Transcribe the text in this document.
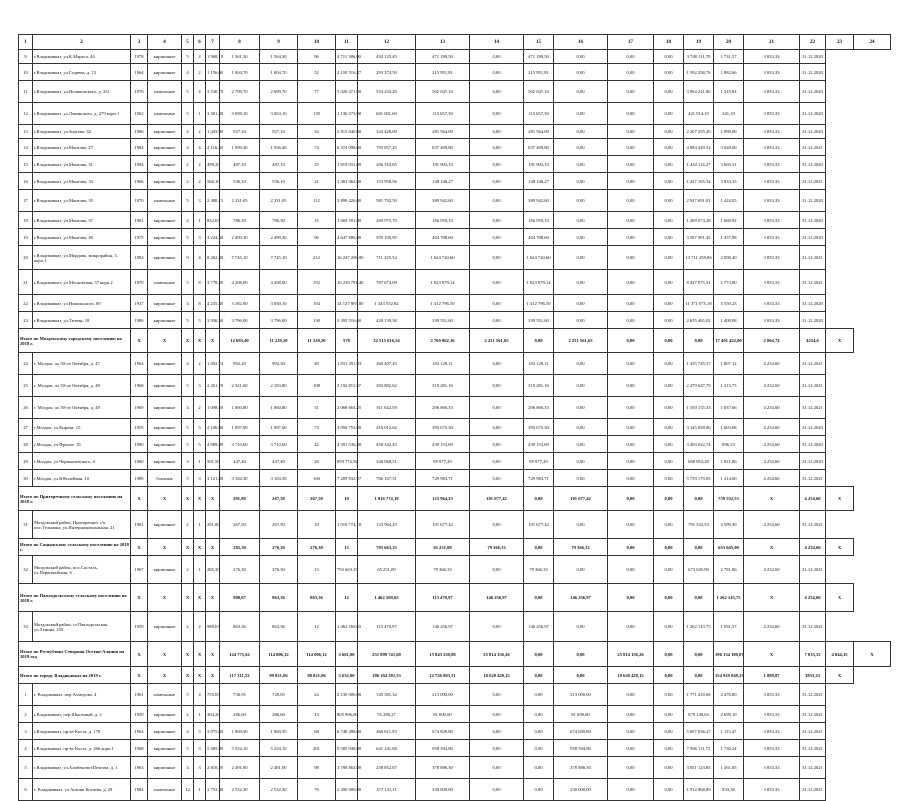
1	2	3	4	5	6	7	8	9	10	11	12	13	14	15	16	17	18	19	20	21	22	23	24
9	г.Владикавказ, ул.К.Маркса, 44	1978	кирпичные	5	4	1 968,10	1 561,30	1 564,30	96	4 711 386,00	492 125,45	471 180,50	0,00	471 180,50	0,00	0,00	0,00	3 748 111,70	1 731,57	3 833,33	31.12.2020		
10	г.Владикавказ, ул.Гадиева, д. 72	1964	кирпичные	4	2	1 156,00	1 004,70	1 004,70	52	2 159 516,87	293 374,59	215 951,81	0,00	215 951,81	0,00	0,00	0,00	1 592 258,76	1 882,66	3 833,33	31.12.2020		
11	г.Владикавказ, ул.Ноликовского, д. 251	1976	панельные	5	4	3 530,70	2 709,70	2 699,70	77	5 020 471,00	554 233,20	502 047,10	0,00	502 047,10	0,00	0,00	0,00	3 964 241,80	1 319,84	3 833,33	31.12.2020		
12	г.Владикавказ, ул.Ленинского, д. 279 корп.1	1962	панельные	5	1	3 301,30	3 098,10	3 063,10	139	1 136 573,00	601 001,60	113 657,30	0,00	113 657,30	0,00	0,00	0,00	421 914,10	341,10	3 833,33	31.12.2020		
13	г.Владикавказ, ул.Зортова, 62	1986	кирпичные	2	2	1 443,90	927,10	927,10	32	2 815 640,00	324 428,00	281 564,00	0,00	281 564,00	0,00	0,00	0,00	2 207 255,20	1 098,00	3 833,33	31.12.2020		
14	г.Владикавказ, ул.Монтова, 27	1984	кирпичные	4	4	2 116,40	1 999,40	1 936,40	74	6 374 098,00	793 857,25	637 409,80	0,00	637 409,80	0,00	0,00	0,00	4 983 429,52	3 028,60	3 833,33	31.12.2021		
15	г.Владикавказ, ул.Монтова, 31	1984	кирпичные	2	2	498,20	487,10	487,10	25	1 819 031,00	206 310,65	181 903,10	0,00	181 903,10	0,00	0,00	0,00	1 434 114,27	3 669,31	3 833,33	31.12.2020		
16	г.Владикавказ, ул.Монтова, 33	1906	кирпичные	2	2	566,10	536,10	536,10	21	1 481 462,00	153 958,56	148 146,27	0,00	148 146,27	0,00	0,00	0,00	1 427 165,34	3 833,33	3 833,33	31.12.2021		
17	г.Владикавказ, ул.Монтова, 35	1970	панельные	5	3	2 480,15	2 331,05	2 331,05	112	3 899 426,00	581 792,59	389 942,60	0,00	389 942,60	0,00	0,00	0,00	2 927 691,81	1 424,05	3 833,33	31.12.2020		
18	г.Владикавказ, ул.Монтова, 37	1961	кирпичные	4	1	832,63	786,30	786,30	15	1 669 591,00	269 975,70	166 959,10	0,00	166 959,10	0,00	0,00	0,00	1 269 074,28	1 668,92	3 833,33	31.12.2020		
19	г.Владикавказ, ул.Монтова, 40	1975	кирпичные	5	3	3 224,30	2 499,30	2 499,30	96	4 647 886,00	595 105,95	464 788,60	0,00	464 788,60	0,00	0,00	0,00	3 587 991,45	1 457,98	3 833,33	31.12.2020		
20	г.Владикавказ, ул.Мордова, микрорайон, 5, корп.1	1983	кирпичные	9	4	8 262,30	7 745,10	7 745,10	212	16 247 206,00	711 225,54	1 624 720,60	0,00	1 624 720,60	0,00	0,00	0,00	13 711 259,86	2 098,40	3 833,33	31.12.2021		
21	г.Владикавказ, ул.Московская, 37 корп.2	1970	панельные	5	8	3 778,20	4 208,00	4 208,00	192	10 239 791,40	787 674,09	1 023 979,14	0,00	1 023 979,14	0,00	0,00	0,00	8 427 875,31	1 773,80	3 833,33	31.12.2021		
22	г.Владикавказ, ул.Никольского, 89	1937	кирпичные	4	8	4 235,40	3 182,90	3 030,10	194	14 127 965,00	1 343 552,82	1 412 796,50	0,00	1 412 796,50	0,00	0,00	0,00	11 371 075,18	3 559,23	3 833,33	31.12.2020		
23	г.Владикавказ, ул.Титова, 18	1986	кирпичные	5	5	3 936,50	3 796,00	3 796,00	130	3 395 516,00	420 139,38	339 551,60	0,00	339 551,60	0,00	0,00	0,00	2 635 465,02	1 408,08	3 833,33	31.12.2020		
Итого по Моздокскому городскому поселению на 2018 г.		X	X	X	X	X	12 693,40	11 229,20	11 229,20	578	22 515 616,54	2 769 062,16	2 251 561,65	0,00	2 251 561,65	0,00	0,00	0,00	17 491 422,00	2 004,74	4254,6	X	
24	г. Моздок, ал 50-ое Октября, д. 47	1964	кирпичные	4	2	1 002,74	992,20	992,30	49	1 831 291,83	266 407,45	183 129,11	0,00	183 129,11	0,00	0,00	0,00	1 355 745,57	1 807,12	4 254,60	31.12.2021		
25	г. Моздок, ал 50-ое Октября, д. 48	1968	кирпичные	5	3	2 451,70	2 321,60	2 183,80	108	3 192 811,57	393 882,62	319 281,16	0,00	319 281,16	0,00	0,00	0,00	2 479 647,79	1 313,75	4 254,60	31.12.2021		
26	г. Моздок, ал 50-ое Октября, д. 49	1969	кирпичные	4	2	1 098,50	1 060,80	1 060,80	51	2 068 663,25	311 642,59	206 866,33	0,00	206 866,33	0,00	0,00	0,00	1 550 155,33	1 837,66	4 254,60	31.12.2021		
27	г.Моздок, ул.Кирова, 15	1955	кирпичные	5	5	2 106,80	1 997,00	1 997,00	73	3 956 753,00	416 012,62	395 675,30	0,00	395 675,30	0,00	0,00	0,00	3 145 058,06	1 603,68	4 254,60	31.12.2020		
28	г.Моздок, ул.Фрунзе, 10	1980	кирпичные	5	5	4 089,89	3 710,60	3 710,60	42	4 391 536,88	458 342,45	439 153,69	0,00	439 153,69	0,00	0,00	0,00	3 494 022,74	896,23	4 254,60	31.12.2020		
29	г.Моздок, ул.Чернышевского, 4	1960	кирпичные	3	1	501,50	447,40	447,40	28	859 772,92	346 068,51	85 977,29	0,00	85 977,29	0,00	0,00	0,00	668 853,28	1 921,86	4 254,60	31.12.2020		
30	г.Моздок, ул.Юбилейная, 10	1989	блочные	5	3	3 121,80	3 184,30	3 184,30	160	7 289 832,97	766 167,51	729 983,71	0,00	729 983,71	0,00	0,00	0,00	5 759 179,83	1 414,60	4 254,60	31.12.2021		
Итого по Притеречному сельскому поселению на 2018 г.		X	X	X	X	X	291,80	267,50	267,50	10	1 016 774,18	123 964,23	101 677,42	0,00	101 677,42	0,00	0,00	0,00	759 532,53	X	4 254,60	X	
31	Моздокский район, Притеречное с/п, пос.Тельмана, ул.Интернациональная, 21	1961	кирпичные	2	1	291,80	267,50	267,50	10	1 016 774,18	123 964,23	101 677,42	0,00	101 677,42	0,00	0,00	0,00	791 532,53	2 599,30	4 254,60	31.12.2021		
Итого по Сацынскому сельскому поселению на 2018 г.		X	X	X	X	X	285,30	276,30	276,30	13	793 663,33	65 251,09	79 366,33	0,00	79 366,33	0,00	0,00	0,00	653 045,90	X	4 254,60	X	
32	Моздокский район, пос.Састаль, ул.Первомайская, 6	1967	кирпичные	2	1	285,30	276,30	276,30	13	793 663,33	65 251,09	79 366,33	0,00	79 366,33	0,00	0,00	0,00	673 045,90	2 781,86	4 254,60	31.12.2021		
Итого по Павлодольскому сельскому поселению на 2018 г.		X	X	X	X	X	980,67	863,36	863,36	12	1 462 569,65	113 470,97	146 256,97	0,00	146 256,97	0,00	0,00	0,00	1 262 143,75	X	4 254,60	X	
33	Моздокский район, ст.Павлодольская, ул.Ленина, 250	1959	кирпичные	2	2	980,67	863,36	863,36	12	1 462 569,65	113 470,97	146 256,97	0,00	146 256,97	0,00	0,00	0,00	1 262 143,75	1 591,57	4 254,60	31.12.2021		
Итого по Республике Северная Осетия-Алания на 2019 год		X	X	X	X	X	124 775,62	114 006,12	114 006,12	3 661,00	251 899 741,60	15 843 230,80	25 814 156,26	0,00	0,00	25 814 156,26	0,00	0,00	196 134 100,07	X	7 033,33	4 044,35	X
Итого по городу Владикавказ на 2019 г.		X	X	X	X	X	117 311,52	99 821,06	98 821,06	3 632,00	186 184 281,53	12 726 803,31	18 628 428,15	0,00	0,00	18 628 428,15	0,00	0,00	154 929 048,23	1 889,87	3833,33	X	
1	г. Владикавказ, пер.Ахмедова, 4	1961	панельные	5	4	755,05	736,95	720,05	24	2 130 000,00	145 581,32	213 000,00	0,00	0,00	213 000,00	0,00	0,00	1 771 418,68	2 476,80	3 833,33	31.12.2021		
2	г.Владикавказ, пер.Школьный, д. 2	1950	кирпичные	2	1	304,20	286,60	286,60	13	805 996,00	55 288,27	81 690,60	0,00	0,00	81 690,60	0,00	0,00	679 140,63	2 699,10	3 833,33	31.12.2021		
3	г.Владикавказ, пр-кт Коста, д. 178	1964	кирпичные	4	3	3 075,60	1 969,50	1 969,50	68	6 748 498,00	466 611,93	674 849,80	0,00	0,00	674 849,80	0,00	0,00	5 607 036,27	1 113,47	3 833,33	31.12.2021		
4	г.Владикавказ, пр-кт Коста, д. 266 корп.1	1968	кирпичные	5	3	5 685,90	5 554,10	5 254,10	201	9 585 948,00	641 241,68	958 594,80	0,00	0,00	958 594,80	0,00	0,00	7 986 111,72	1 736,24	3 833,33	31.12.2021		
5	г.Владикавказ, ул.Алибекова-Шелгова, д. 1	1963	кирпичные	4	3	2 810,20	2 491,00	2 481,00	98	3 788 863,00	258 852,87	378 886,30	0,00	0,00	378 886,30	0,00	0,00	3 851 123,83	1 361,05	3 833,33	31.12.2021		
6	г. Владикавказ, ул.Агапия Котаева, д. 29	1984	панельные	12	1	2 753,30	2 552,30	2 532,30	76	2 300 000,00	157 131,11	230 000,00	0,00	0,00	230 000,00	0,00	0,00	1 912 868,89	833,36	3 833,33	31.12.2021		
